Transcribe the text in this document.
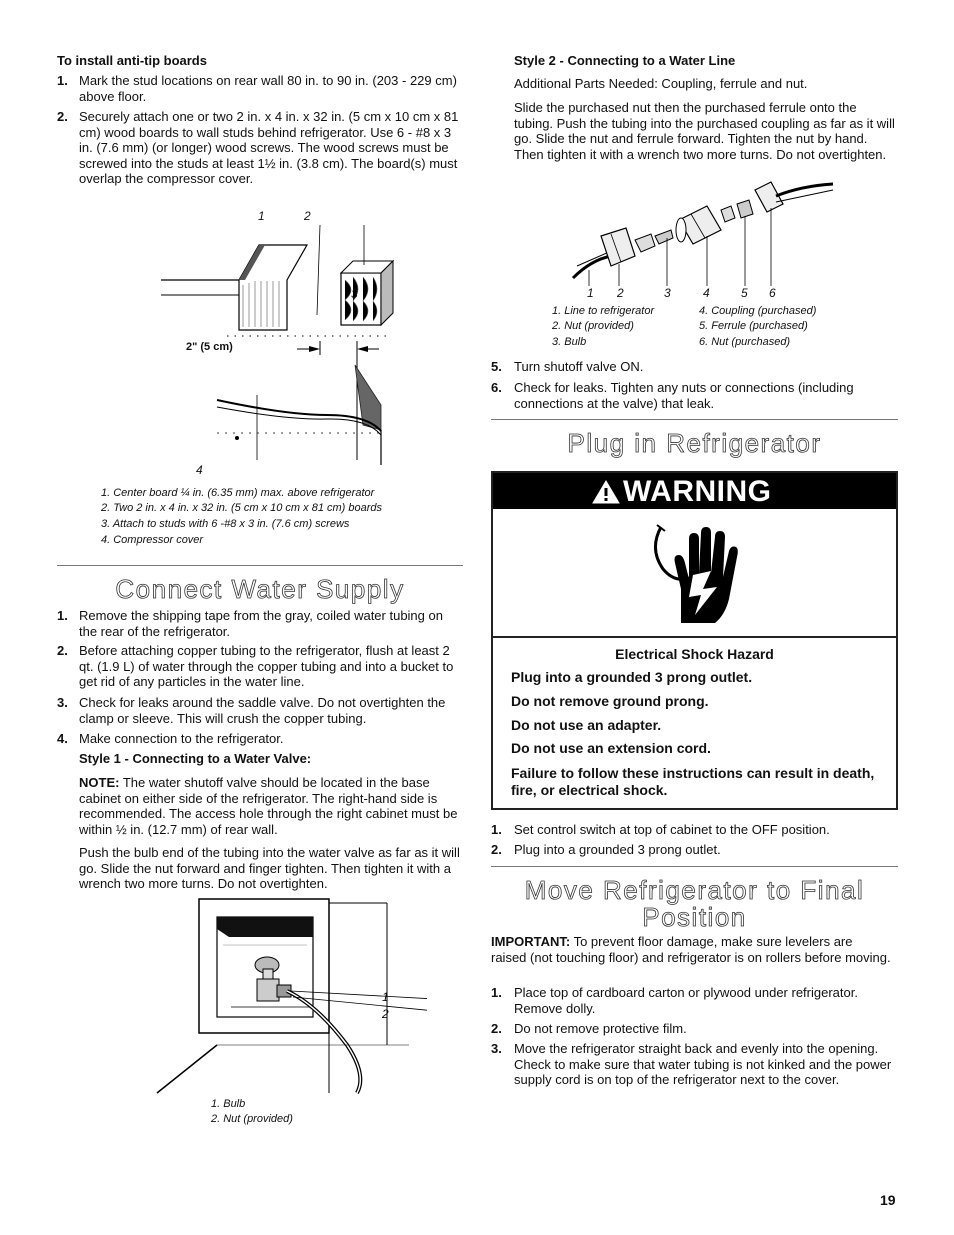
To install anti-tip boards
1. Mark the stud locations on rear wall 80 in. to 90 in. (203 - 229 cm) above floor.
2. Securely attach one or two 2 in. x 4 in. x 32 in. (5 cm x 10 cm x 81 cm) wood boards to wall studs behind refrigerator. Use 6 - #8 x 3 in. (7.6 mm) (or longer) wood screws. The wood screws must be screwed into the studs at least 1½ in. (3.8 cm). The board(s) must overlap the compressor cover.
1	2
3
4
2" (5 cm)
1. Center board ¼ in. (6.35 mm) max. above refrigerator
2. Two 2 in. x 4 in. x 32 in. (5 cm x 10 cm x 81 cm) boards
3. Attach to studs with 6 -#8 x 3 in. (7.6 cm) screws
4. Compressor cover
Connect Water Supply
1. Remove the shipping tape from the gray, coiled water tubing on the rear of the refrigerator.
2. Before attaching copper tubing to the refrigerator, flush at least 2 qt. (1.9 L) of water through the copper tubing and into a bucket to get rid of any particles in the water line.
3. Check for leaks around the saddle valve. Do not overtighten the clamp or sleeve. This will crush the copper tubing.
4. Make connection to the refrigerator.
Style 1 - Connecting to a Water Valve:
NOTE: The water shutoff valve should be located in the base cabinet on either side of the refrigerator. The right-hand side is recommended. The access hole through the right cabinet must be within ½ in. (12.7 mm) of rear wall.
Push the bulb end of the tubing into the water valve as far as it will go. Slide the nut forward and finger tighten. Then tighten it with a wrench two more turns. Do not overtighten.
1
2
1. Bulb
2. Nut (provided)
Style 2 - Connecting to a Water Line
Additional Parts Needed: Coupling, ferrule and nut.
Slide the purchased nut then the purchased ferrule onto the tubing. Push the tubing into the purchased coupling as far as it will go. Slide the nut and ferrule forward. Tighten the nut by hand. Then tighten it with a wrench two more turns. Do not overtighten.
1 2	3	4	5 6
1. Line to refrigerator
2. Nut (provided)
3. Bulb
4. Coupling (purchased)
5. Ferrule (purchased)
6. Nut (purchased)
5. Turn shutoff valve ON.
6. Check for leaks. Tighten any nuts or connections (including connections at the valve) that leak.
Plug in Refrigerator
WARNING
Electrical Shock Hazard
Plug into a grounded 3 prong outlet.
Do not remove ground prong.
Do not use an adapter.
Do not use an extension cord.
Failure to follow these instructions can result in death, fire, or electrical shock.
1. Set control switch at top of cabinet to the OFF position.
2. Plug into a grounded 3 prong outlet.
Move Refrigerator to Final Position
IMPORTANT: To prevent floor damage, make sure levelers are raised (not touching floor) and refrigerator is on rollers before moving.
1. Place top of cardboard carton or plywood under refrigerator. Remove dolly.
2. Do not remove protective film.
3. Move the refrigerator straight back and evenly into the opening. Check to make sure that water tubing is not kinked and the power supply cord is on top of the refrigerator next to the cover.
19
